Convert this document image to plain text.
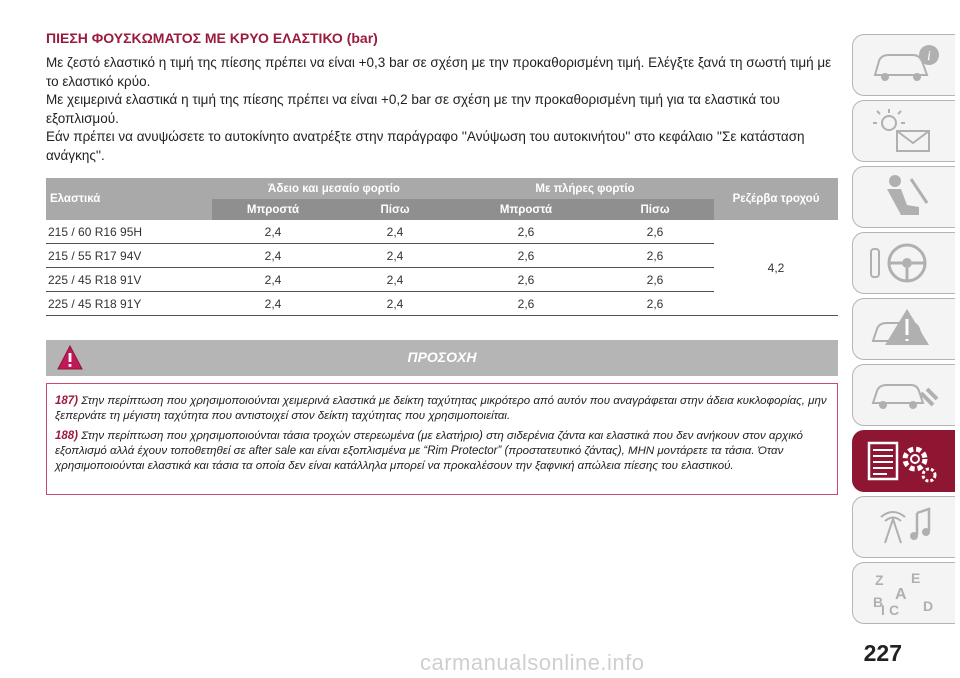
ΠΙΕΣΗ ΦΟΥΣΚΩΜΑΤΟΣ ΜΕ ΚΡΥΟ ΕΛΑΣΤΙΚΟ (bar)

Με ζεστό ελαστικό η τιμή της πίεσης πρέπει να είναι +0,3 bar σε σχέση με την προκαθορισμένη τιμή. Ελέγξτε ξανά τη σωστή τιμή με το ελαστικό κρύο.

Με χειμερινά ελαστικά η τιμή της πίεσης πρέπει να είναι +0,2 bar σε σχέση με την προκαθορισμένη τιμή για τα ελαστικά του εξοπλισμού.

Εάν πρέπει να ανυψώσετε το αυτοκίνητο ανατρέξτε στην παράγραφο ''Ανύψωση του αυτοκινήτου'' στο κεφάλαιο ''Σε κατάσταση ανάγκης''.

Ελαστικά	Άδειο και μεσαίο φορτίο		Με πλήρες φορτίο		Ρεζέρβα τροχού
	Μπροστά	Πίσω	Μπροστά	Πίσω	
215 / 60 R16 95H	2,4	2,4	2,6	2,6	4,2
215 / 55 R17 94V	2,4	2,4	2,6	2,6	
225 / 45 R18 91V	2,4	2,4	2,6	2,6	
225 / 45 R18 91Y	2,4	2,4	2,6	2,6	
ΠΡΟΣΟΧΗ

187) Στην περίπτωση που χρησιμοποιούνται χειμερινά ελαστικά με δείκτη ταχύτητας μικρότερο από αυτόν που αναγράφεται στην άδεια κυκλοφορίας, μην ξεπερνάτε τη μέγιστη ταχύτητα που αντιστοιχεί στον δείκτη ταχύτητας που χρησιμοποιείται.

188) Στην περίπτωση που χρησιμοποιούνται τάσια τροχών στερεωμένα (με ελατήριο) στη σιδερένια ζάντα και ελαστικά που δεν ανήκουν στον αρχικό εξοπλισμό αλλά έχουν τοποθετηθεί σε after sale και είναι εξοπλισμένα με “Rim Protector” (προστατευτικό ζάντας), ΜΗΝ μοντάρετε τα τάσια. Όταν χρησιμοποιούνται ελαστικά και τάσια τα οποία δεν είναι κατάλληλα μπορεί να προκαλέσουν την ξαφνική απώλεια πίεσης του ελαστικού.

i
Z E
A
B C D
I
227
carmanualsonline.info
